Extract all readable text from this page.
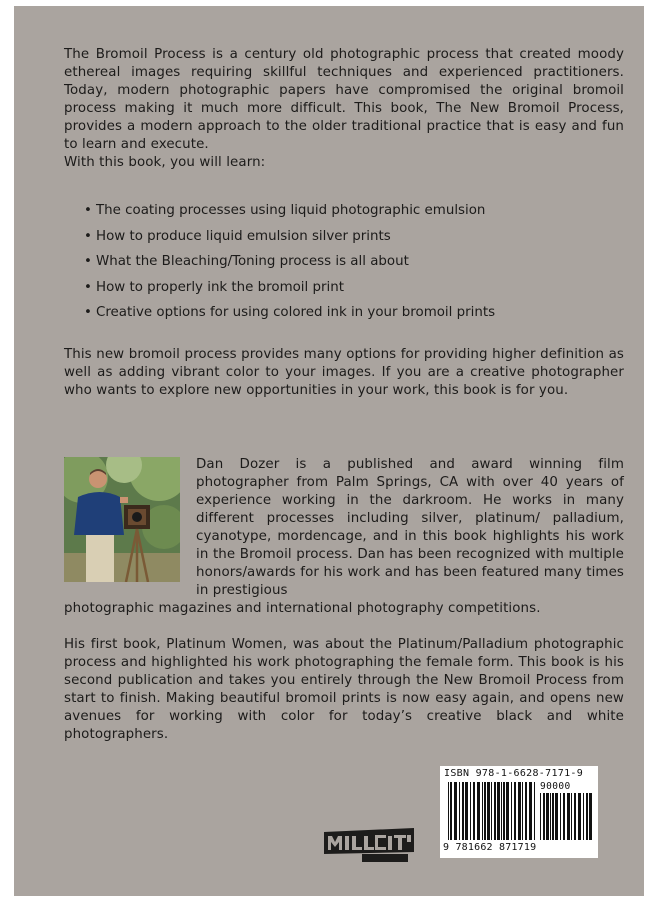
The Bromoil Process is a century old photographic process that created moody ethereal images requiring skillful techniques and experienced practitioners. Today, modern photographic papers have compromised the original bromoil process making it much more difficult. This book, The New Bromoil Process, provides a modern approach to the older traditional practice that is easy and fun to learn and execute.
With this book, you will learn:
• The coating processes using liquid photographic emulsion
• How to produce liquid emulsion silver prints
• What the Bleaching/Toning process is all about
• How to properly ink the bromoil print
• Creative options for using colored ink in your bromoil prints
This new bromoil process provides many options for providing higher definition as well as adding vibrant color to your images. If you are a creative photographer who wants to explore new opportunities in your work, this book is for you.
Dan Dozer is a published and award winning film photographer from Palm Springs, CA with over 40 years of experience working in the darkroom. He works in many different processes including silver, platinum/ palladium, cyanotype, mordencage, and in this book highlights his work in the Bromoil process. Dan has been recognized with multiple honors/awards for his work and has been featured many times in prestigious
photographic magazines and international photography competitions.
His first book, Platinum Women, was about the Platinum/Palladium photographic process and highlighted his work photographing the female form. This book is his second publication and takes you entirely through the New Bromoil Process from start to finish. Making beautiful bromoil prints is now easy again, and opens new avenues for working with color for today’s creative black and white photographers.
ISBN 978-1-6628-7171-9
90000
9 781662 871719
